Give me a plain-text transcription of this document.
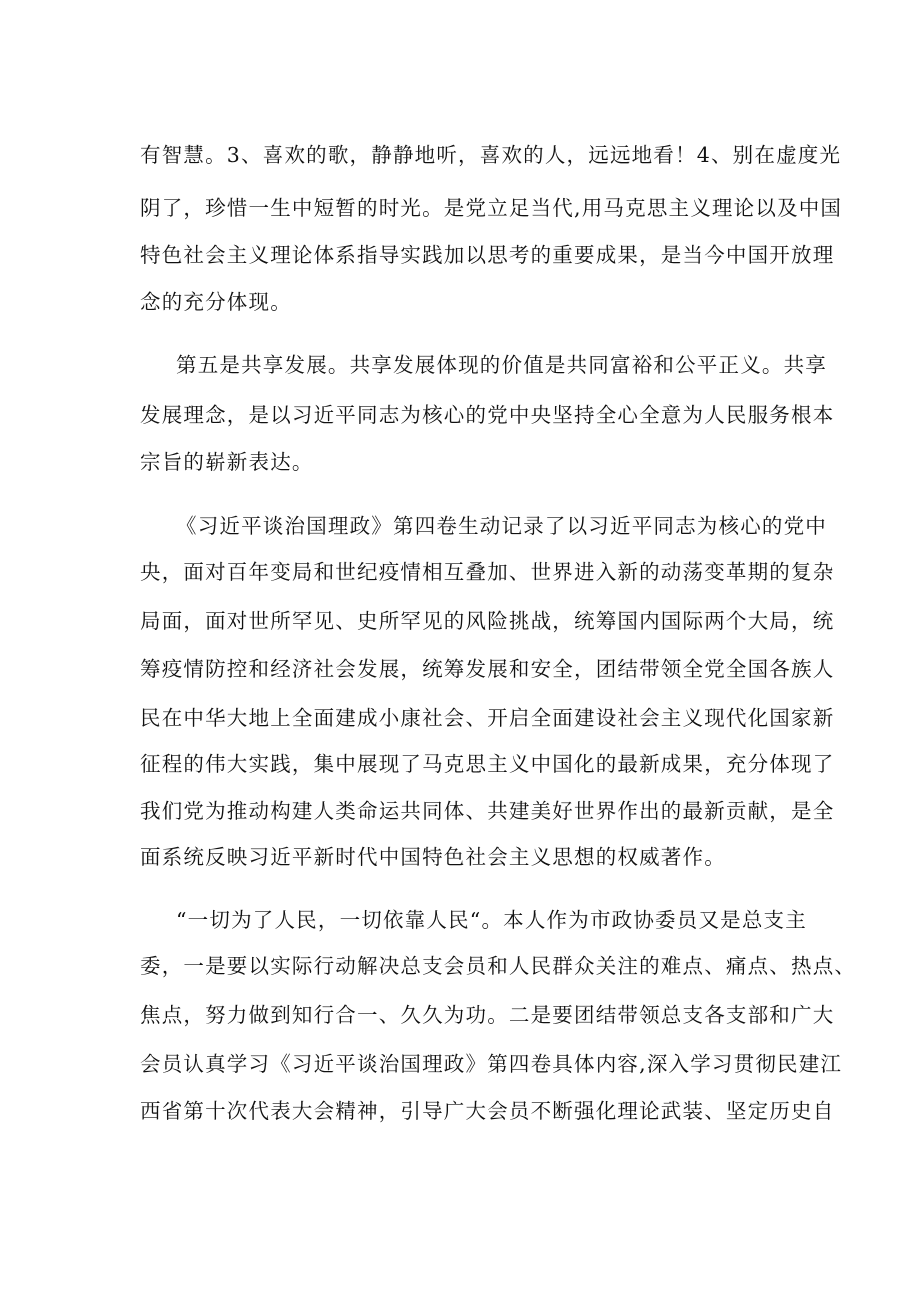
有智慧。3、喜欢的歌，静静地听，喜欢的人，远远地看！4、别在虚度光
阴了，珍惜一生中短暂的时光。是党立足当代,用马克思主义理论以及中国
特色社会主义理论体系指导实践加以思考的重要成果，是当今中国开放理
念的充分体现。
第五是共享发展。共享发展体现的价值是共同富裕和公平正义。共享
发展理念，是以习近平同志为核心的党中央坚持全心全意为人民服务根本
宗旨的崭新表达。
《习近平谈治国理政》第四卷生动记录了以习近平同志为核心的党中
央，面对百年变局和世纪疫情相互叠加、世界进入新的动荡变革期的复杂
局面，面对世所罕见、史所罕见的风险挑战，统筹国内国际两个大局，统
筹疫情防控和经济社会发展，统筹发展和安全，团结带领全党全国各族人
民在中华大地上全面建成小康社会、开启全面建设社会主义现代化国家新
征程的伟大实践，集中展现了马克思主义中国化的最新成果，充分体现了
我们党为推动构建人类命运共同体、共建美好世界作出的最新贡献，是全
面系统反映习近平新时代中国特色社会主义思想的权威著作。
“一切为了人民，一切依靠人民“。本人作为市政协委员又是总支主
委，一是要以实际行动解决总支会员和人民群众关注的难点、痛点、热点、
焦点，努力做到知行合一、久久为功。二是要团结带领总支各支部和广大
会员认真学习《习近平谈治国理政》第四卷具体内容,深入学习贯彻民建江
西省第十次代表大会精神，引导广大会员不断强化理论武装、坚定历史自
